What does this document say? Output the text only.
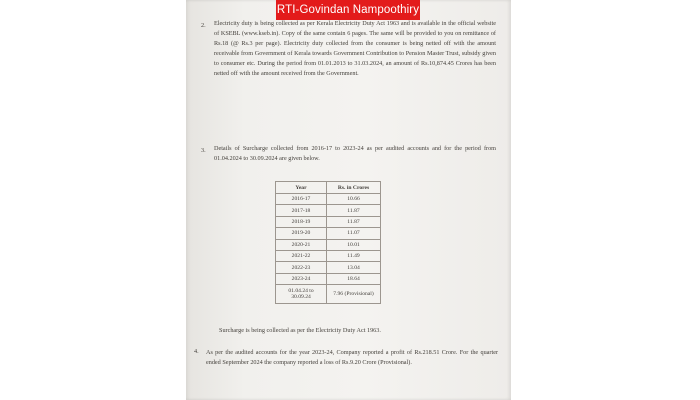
2. Electricity duty is being collected as per Kerala Electricity Duty Act 1963 and is available in the official website of KSEBL (www.kseb.in). Copy of the same contain 6 pages. The same will be provided to you on remittance of Rs.18 (@ Rs.3 per page). Electricity duty collected from the consumer is being netted off with the amount receivable from Government of Kerala towards Government Contribution to Pension Master Trust, subsidy given to consumer etc. During the period from 01.01.2013 to 31.03.2024, an amount of Rs.10,874.45 Crores has been netted off with the amount received from the Government.
3. Details of Surcharge collected from 2016-17 to 2023-24 as per audited accounts and for the period from 01.04.2024 to 30.09.2024 are given below.
Year	Rs. in Crores
2016-17	10.66
2017-18	11.87
2018-19	11.87
2019-20	11.07
2020-21	10.01
2021-22	11.49
2022-23	13.04
2023-24	18.64
01.04.24 to 30.09.24	7.96 (Provisional)
Surcharge is being collected as per the Electricity Duty Act 1963.
4. As per the audited accounts for the year 2023-24, Company reported a profit of Rs.218.51 Crore. For the quarter ended September 2024 the company reported a loss of Rs.9.20 Crore (Provisional).
RTI-Govindan Nampoothiry
